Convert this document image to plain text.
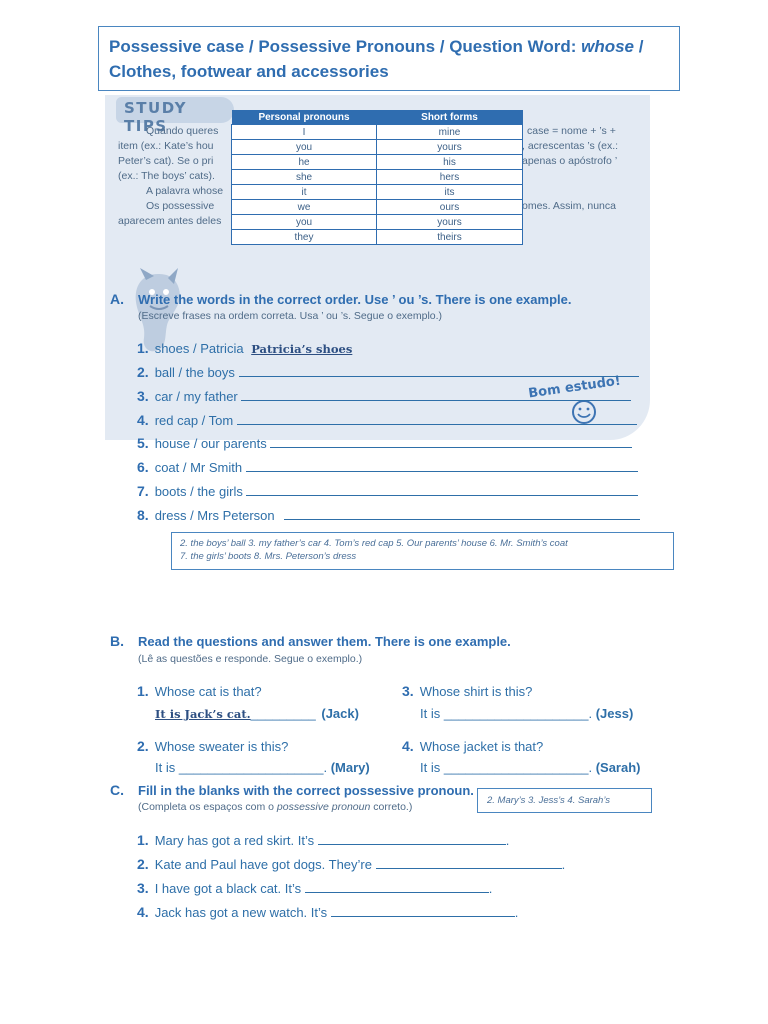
Possessive case / Possessive Pronouns / Question Word: whose /
Clothes, footwear and accessories
STUDY TIPS
Quando queres
item (ex.: Kate’s hou
Peter’s cat). Se o pri
(ex.: The boys’ cats).
A palavra whose
Os possessive
aparecem antes deles
case = nome + ’s +
, acrescentas ’s (ex.:
apenas o apóstrofo ’
omes. Assim, nunca
Personal pronouns	Short forms
I	mine
you	yours
he	his
she	hers
it	its
we	ours
you	yours
they	theirs
Bom estudo!
A. Write the words in the correct order. Use ’ ou ’s. There is one example.
(Escreve frases na ordem correta. Usa ’ ou ’s. Segue o exemplo.)
1. shoes / Patricia Patricia’s shoes
2. ball / the boys
3. car / my father
4. red cap / Tom
5. house / our parents
6. coat / Mr Smith
7. boots / the girls
8. dress / Mrs Peterson
2. the boys’ ball 3. my father’s car 4. Tom’s red cap 5. Our parents’ house 6. Mr. Smith’s coat
7. the girls’ boots 8. Mrs. Peterson’s dress
B. Read the questions and answer them. There is one example.
(Lê as questões e responde. Segue o exemplo.)
1. Whose cat is that?
It is Jack’s cat._________ (Jack)
3. Whose shirt is this?
It is ____________________. (Jess)
2. Whose sweater is this?
It is ____________________. (Mary)
4. Whose jacket is that?
It is ____________________. (Sarah)
C. Fill in the blanks with the correct possessive pronoun.
(Completa os espaços com o possessive pronoun correto.)
2. Mary’s 3. Jess’s 4. Sarah’s
1. Mary has got a red skirt. It’s	.
2. Kate and Paul have got dogs. They’re	.
3. I have got a black cat. It’s	.
4. Jack has got a new watch. It’s	.
